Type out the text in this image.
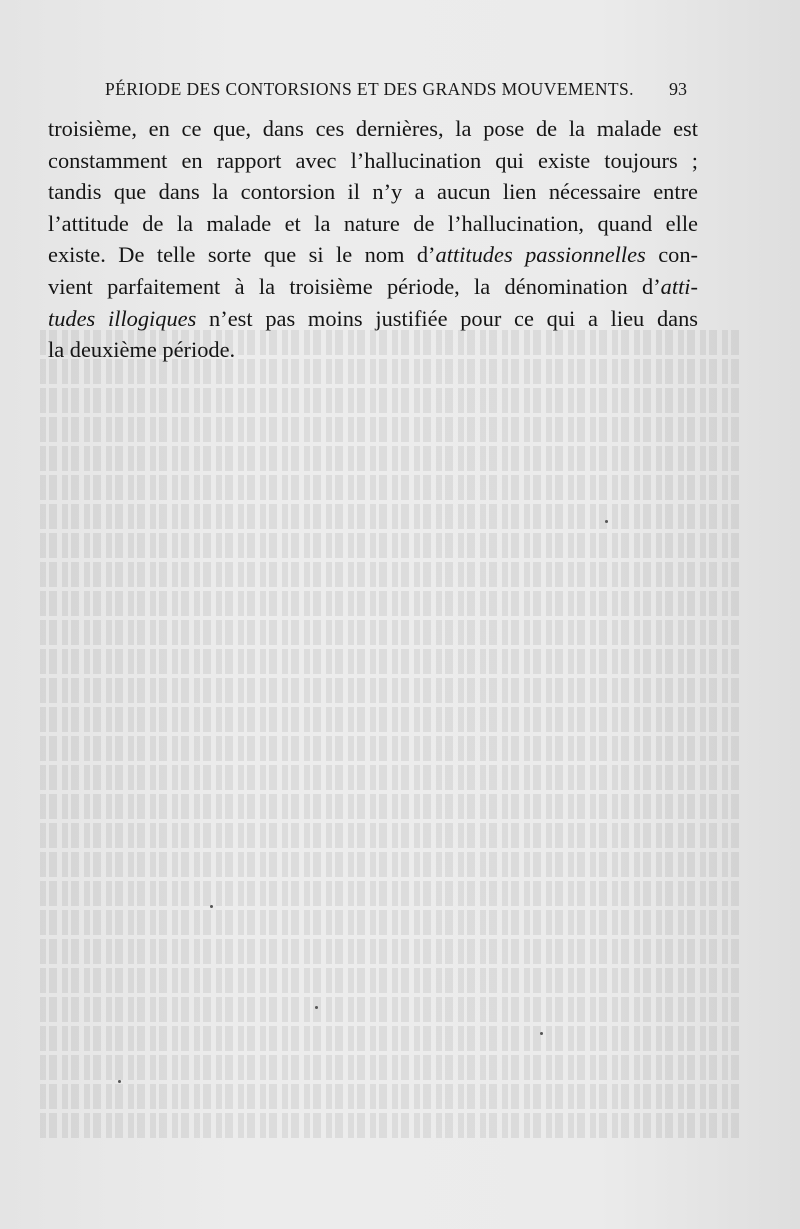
PÉRIODE DES CONTORSIONS ET DES GRANDS MOUVEMENTS. 93
troisième, en ce que, dans ces dernières, la pose de la malade est
constamment en rapport avec l’hallucination qui existe toujours ;
tandis que dans la contorsion il n’y a aucun lien nécessaire entre
l’attitude de la malade et la nature de l’hallucination, quand elle
existe. De telle sorte que si le nom d’attitudes passionnelles con-
vient parfaitement à la troisième période, la dénomination d’atti-
tudes illogiques n’est pas moins justifiée pour ce qui a lieu dans
la deuxième période.
